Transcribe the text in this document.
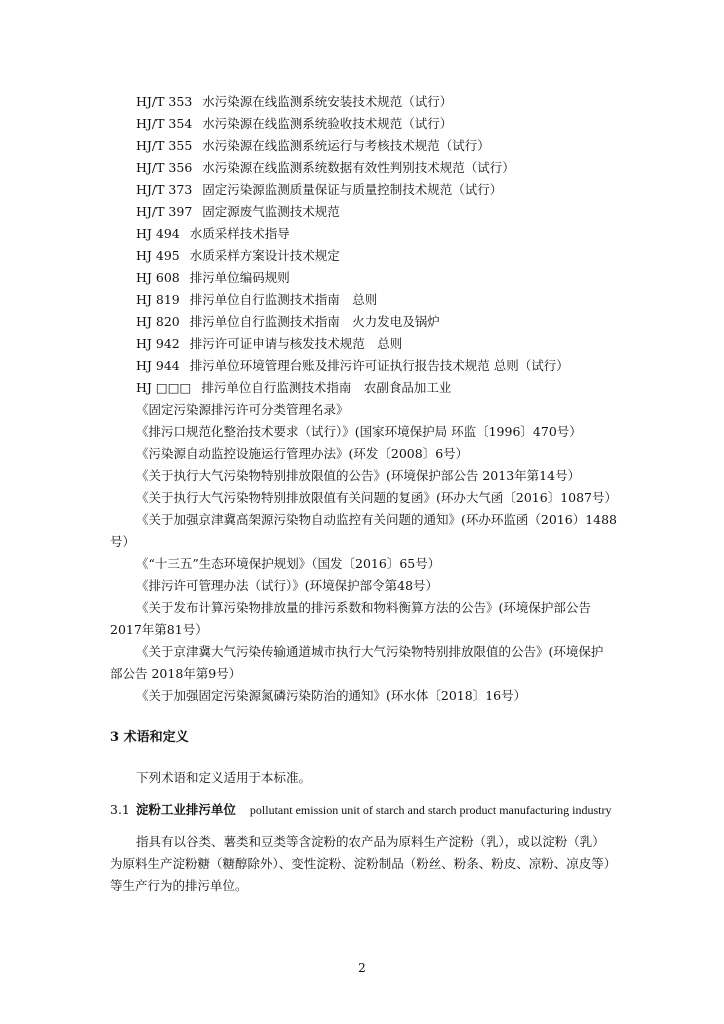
HJ/T 353 水污染源在线监测系统安装技术规范（试行）
HJ/T 354 水污染源在线监测系统验收技术规范（试行）
HJ/T 355 水污染源在线监测系统运行与考核技术规范（试行）
HJ/T 356 水污染源在线监测系统数据有效性判别技术规范（试行）
HJ/T 373 固定污染源监测质量保证与质量控制技术规范（试行）
HJ/T 397 固定源废气监测技术规范
HJ 494 水质采样技术指导
HJ 495 水质采样方案设计技术规定
HJ 608 排污单位编码规则
HJ 819 排污单位自行监测技术指南　总则
HJ 820 排污单位自行监测技术指南　火力发电及锅炉
HJ 942 排污许可证申请与核发技术规范　总则
HJ 944 排污单位环境管理台账及排污许可证执行报告技术规范 总则（试行）
HJ □□□ 排污单位自行监测技术指南　农副食品加工业
《固定污染源排污许可分类管理名录》
《排污口规范化整治技术要求（试行）》(国家环境保护局 环监〔1996〕470号）
《污染源自动监控设施运行管理办法》(环发〔2008〕6号）
《关于执行大气污染物特别排放限值的公告》(环境保护部公告 2013年第14号）
《关于执行大气污染物特别排放限值有关问题的复函》(环办大气函〔2016〕1087号）
《关于加强京津冀高架源污染物自动监控有关问题的通知》(环办环监函（2016）1488
号）
《“十三五”生态环境保护规划》（国发〔2016〕65号）
《排污许可管理办法（试行）》(环境保护部令第48号）
《关于发布计算污染物排放量的排污系数和物料衡算方法的公告》(环境保护部公告
2017年第81号）
《关于京津冀大气污染传输通道城市执行大气污染物特别排放限值的公告》(环境保护
部公告 2018年第9号）
《关于加强固定污染源氮磷污染防治的通知》(环水体〔2018〕16号）
3 术语和定义
下列术语和定义适用于本标准。
3.1 淀粉工业排污单位 pollutant emission unit of starch and starch product manufacturing industry
指具有以谷类、薯类和豆类等含淀粉的农产品为原料生产淀粉（乳），或以淀粉（乳）
为原料生产淀粉糖（糖醇除外）、变性淀粉、淀粉制品（粉丝、粉条、粉皮、凉粉、凉皮等）
等生产行为的排污单位。
2
